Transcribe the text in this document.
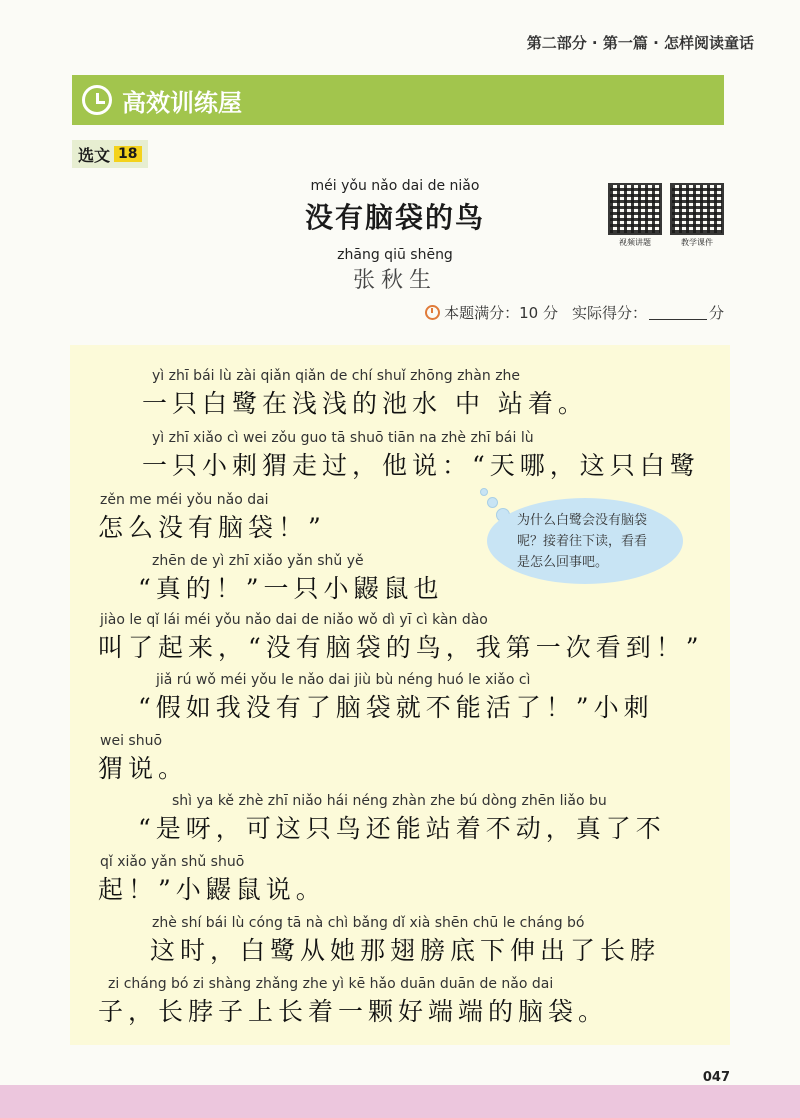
第二部分 · 第一篇 · 怎样阅读童话
高效训练屋
选文 18
méi yǒu nǎo dai de niǎo
没有脑袋的鸟
zhāng qiū shēng
张秋生
视频讲题	教学课件
本题满分：10 分 实际得分：	分
yì zhī bái lù zài qiǎn qiǎn de chí shuǐ zhōng zhàn zhe
一只白鹭在浅浅的池水 中 站着。
yì zhī xiǎo cì wei zǒu guo tā shuō tiān na zhè zhī bái lù
一只小刺猬走过，他说：“天哪，这只白鹭
zěn me méi yǒu nǎo dai
怎么没有脑袋！”
zhēn de yì zhī xiǎo yǎn shǔ yě
“真的！”一只小鼹鼠也
jiào le qǐ lái méi yǒu nǎo dai de niǎo wǒ dì yī cì kàn dào
叫了起来，“没有脑袋的鸟，我第一次看到！”
jiǎ rú wǒ méi yǒu le nǎo dai jiù bù néng huó le xiǎo cì
“假如我没有了脑袋就不能活了！”小刺
wei shuō
猬说。
shì ya kě zhè zhī niǎo hái néng zhàn zhe bú dòng zhēn liǎo bu
“是呀，可这只鸟还能站着不动，真了不
qǐ xiǎo yǎn shǔ shuō
起！”小鼹鼠说。
zhè shí bái lù cóng tā nà chì bǎng dǐ xià shēn chū le cháng bó
这时，白鹭从她那翅膀底下伸出了长脖
zi cháng bó zi shàng zhǎng zhe yì kē hǎo duān duān de nǎo dai
子，长脖子上长着一颗好端端的脑袋。
为什么白鹭会没有脑袋呢？接着往下读，看看是怎么回事吧。
047
